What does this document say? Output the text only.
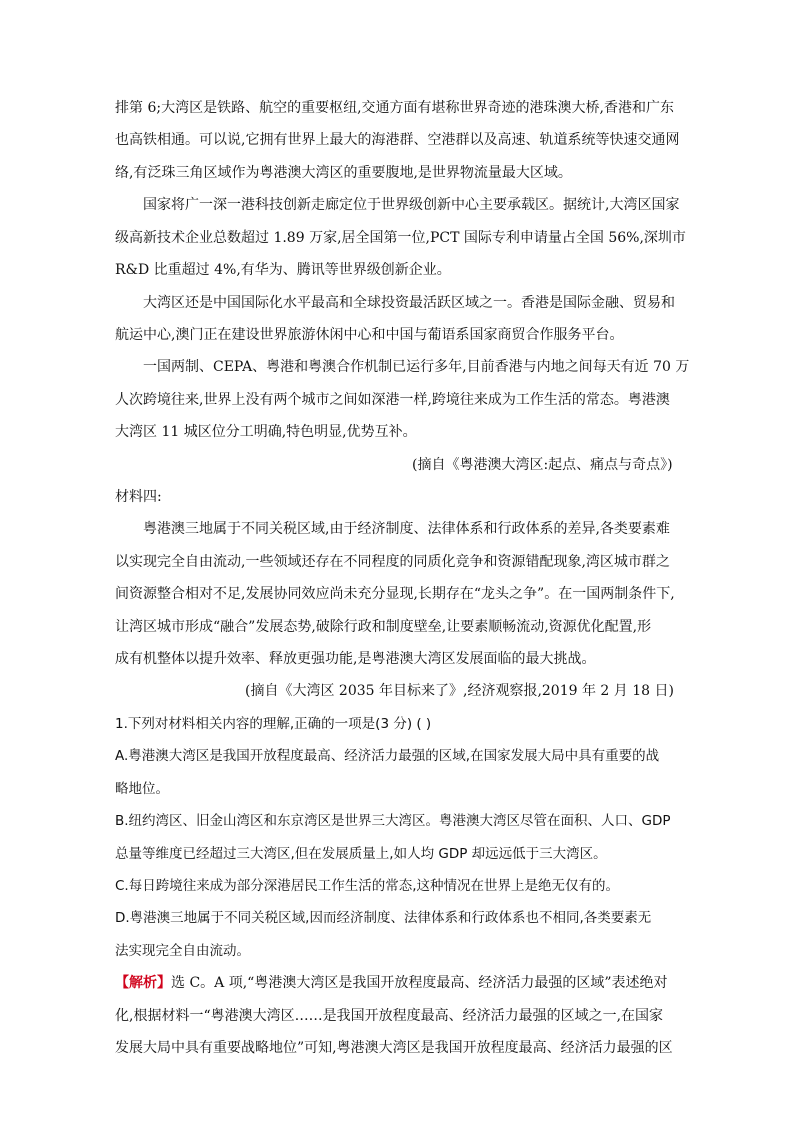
排第 6;大湾区是铁路、航空的重要枢纽,交通方面有堪称世界奇迹的港珠澳大桥,香港和广东
也高铁相通。可以说,它拥有世界上最大的海港群、空港群以及高速、轨道系统等快速交通网
络,有泛珠三角区域作为粤港澳大湾区的重要腹地,是世界物流量最大区域。
国家将广一深一港科技创新走廊定位于世界级创新中心主要承载区。据统计,大湾区国家
级高新技术企业总数超过 1.89 万家,居全国第一位,PCT 国际专利申请量占全国 56%,深圳市
R&D 比重超过 4%,有华为、腾讯等世界级创新企业。
大湾区还是中国国际化水平最高和全球投资最活跃区域之一。香港是国际金融、贸易和
航运中心,澳门正在建设世界旅游休闲中心和中国与葡语系国家商贸合作服务平台。
一国两制、CEPA、粤港和粤澳合作机制已运行多年,目前香港与内地之间每天有近 70 万
人次跨境往来,世界上没有两个城市之间如深港一样,跨境往来成为工作生活的常态。粤港澳
大湾区 11 城区位分工明确,特色明显,优势互补。
(摘自《粤港澳大湾区:起点、痛点与奇点》)
材料四:
粤港澳三地属于不同关税区域,由于经济制度、法律体系和行政体系的差异,各类要素难
以实现完全自由流动,一些领域还存在不同程度的同质化竞争和资源错配现象,湾区城市群之
间资源整合相对不足,发展协同效应尚未充分显现,长期存在“龙头之争”。在一国两制条件下,
让湾区城市形成“融合”发展态势,破除行政和制度壁垒,让要素顺畅流动,资源优化配置,形
成有机整体以提升效率、释放更强功能,是粤港澳大湾区发展面临的最大挑战。
(摘自《大湾区 2035 年目标来了》,经济观察报,2019 年 2 月 18 日)
1.下列对材料相关内容的理解,正确的一项是(3 分) ( )
A.粤港澳大湾区是我国开放程度最高、经济活力最强的区域,在国家发展大局中具有重要的战
略地位。
B.纽约湾区、旧金山湾区和东京湾区是世界三大湾区。粤港澳大湾区尽管在面积、人口、GDP
总量等维度已经超过三大湾区,但在发展质量上,如人均 GDP 却远远低于三大湾区。
C.每日跨境往来成为部分深港居民工作生活的常态,这种情况在世界上是绝无仅有的。
D.粤港澳三地属于不同关税区域,因而经济制度、法律体系和行政体系也不相同,各类要素无
法实现完全自由流动。
【解析】选 C。A 项,“粤港澳大湾区是我国开放程度最高、经济活力最强的区域”表述绝对
化,根据材料一“粤港澳大湾区……是我国开放程度最高、经济活力最强的区域之一,在国家
发展大局中具有重要战略地位”可知,粤港澳大湾区是我国开放程度最高、经济活力最强的区
